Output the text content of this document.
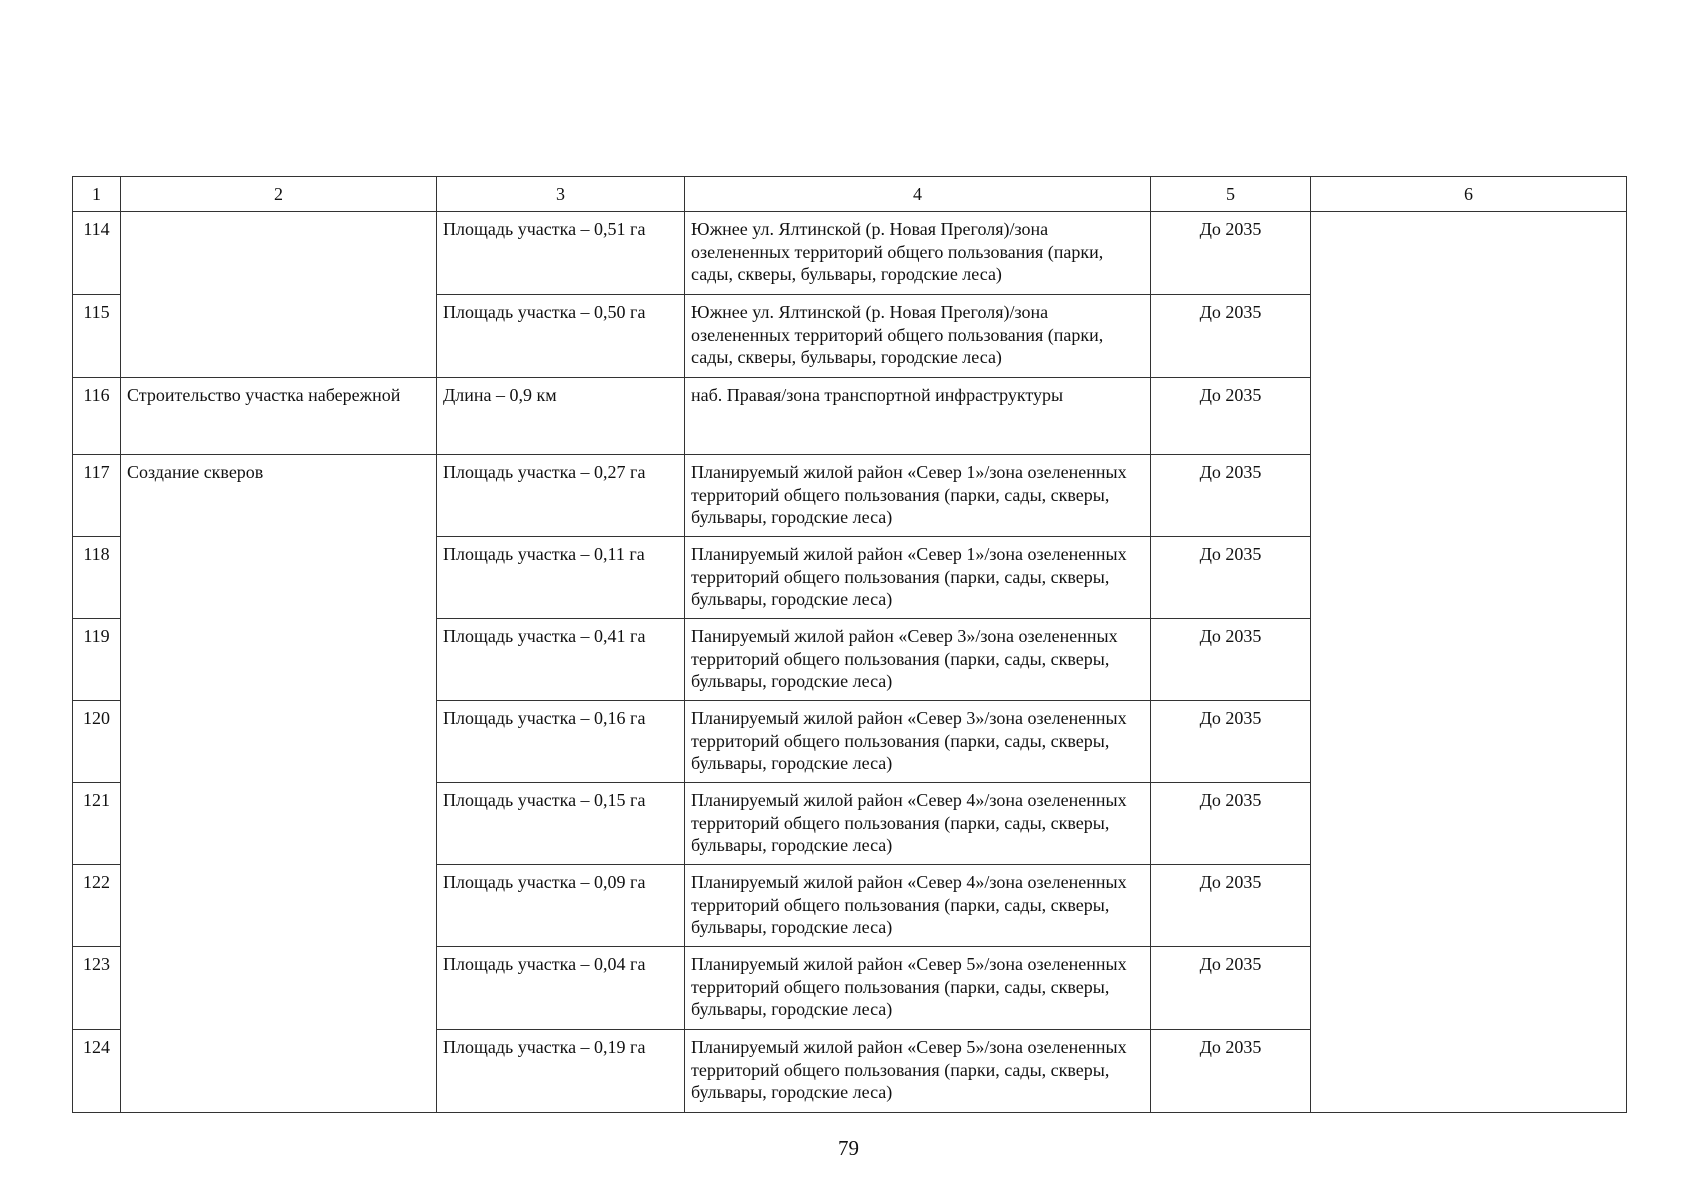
1	2	3	4	5	6
114		Площадь участка – 0,51 га	Южнее ул. Ялтинской (р. Новая Преголя)/зона озелененных территорий общего пользования (парки, сады, скверы, бульвары, городские леса)	До 2035	
115		Площадь участка – 0,50 га	Южнее ул. Ялтинской (р. Новая Преголя)/зона озелененных территорий общего пользования (парки, сады, скверы, бульвары, городские леса)	До 2035	
116	Строительство участка набережной	Длина – 0,9 км	наб. Правая/зона транспортной инфраструктуры	До 2035	
117	Создание скверов	Площадь участка – 0,27 га	Планируемый жилой район «Север 1»/зона озелененных территорий общего пользования (парки, сады, скверы, бульвары, городские леса)	До 2035	
118		Площадь участка – 0,11 га	Планируемый жилой район «Север 1»/зона озелененных территорий общего пользования (парки, сады, скверы, бульвары, городские леса)	До 2035	
119		Площадь участка – 0,41 га	Панируемый жилой район «Север 3»/зона озелененных территорий общего пользования (парки, сады, скверы, бульвары, городские леса)	До 2035	
120		Площадь участка – 0,16 га	Планируемый жилой район «Север 3»/зона озелененных территорий общего пользования (парки, сады, скверы, бульвары, городские леса)	До 2035	
121		Площадь участка – 0,15 га	Планируемый жилой район «Север 4»/зона озелененных территорий общего пользования (парки, сады, скверы, бульвары, городские леса)	До 2035	
122		Площадь участка – 0,09 га	Планируемый жилой район «Север 4»/зона озелененных территорий общего пользования (парки, сады, скверы, бульвары, городские леса)	До 2035	
123		Площадь участка – 0,04 га	Планируемый жилой район «Север 5»/зона озелененных территорий общего пользования (парки, сады, скверы, бульвары, городские леса)	До 2035	
124		Площадь участка – 0,19 га	Планируемый жилой район «Север 5»/зона озелененных территорий общего пользования (парки, сады, скверы, бульвары, городские леса)	До 2035	
79
